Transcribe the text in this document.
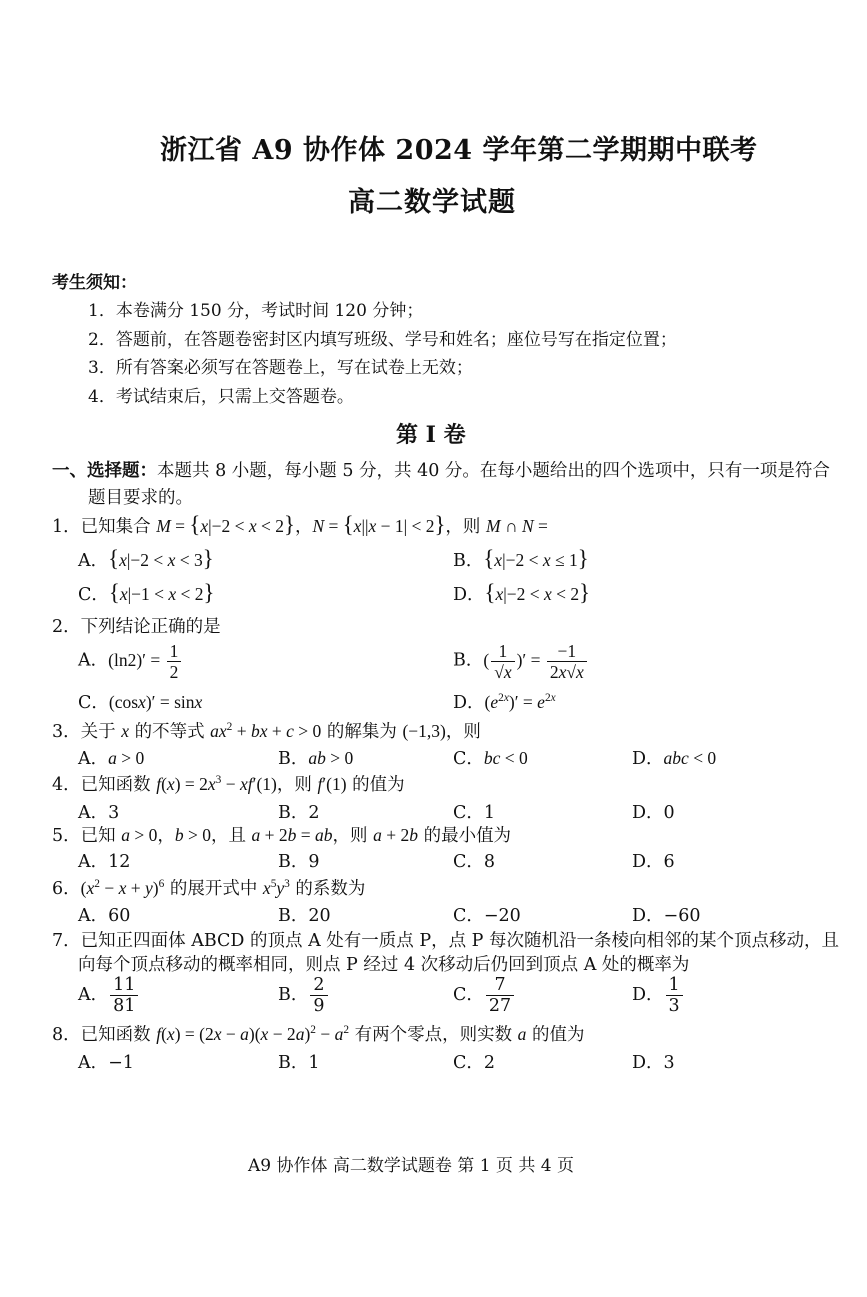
浙江省 A9 协作体 2024 学年第二学期期中联考
高二数学试题
考生须知：
1．本卷满分 150 分，考试时间 120 分钟；
2．答题前，在答题卷密封区内填写班级、学号和姓名；座位号写在指定位置；
3．所有答案必须写在答题卷上，写在试卷上无效；
4．考试结束后，只需上交答题卷。
第 I 卷
一、选择题：本题共 8 小题，每小题 5 分，共 40 分。在每小题给出的四个选项中，只有一项是符合
题目要求的。
1．已知集合 M = {x|−2 < x < 2}，N = {x||x − 1| < 2}，则 M ∩ N =
A．{x|−2 < x < 3}	B．{x|−2 < x ≤ 1}
C．{x|−1 < x < 2}	D．{x|−2 < x < 2}
2．下列结论正确的是
A．$(\ln 2)' = \frac{1}{2}$	B．( $\frac{1}{√x}$ )′ = $\frac{-1}{2x√x}$
C．(cosx)′ = sinx	D．$(e^{2x})' = e^{2x}$
3．关于 x 的不等式 $ax^2$ + bx + c > 0 的解集为 (−1,3)，则
A．a > 0	B．ab > 0	C．bc < 0	D．abc < 0
4．已知函数 $f(x) = 2x^3 - xf'(1)$，则 f′(1) 的值为
A．3	B．2	C．1	D．0
5．已知 a > 0，b > 0，且 a + 2b = ab，则 a + 2b 的最小值为
A．12	B．9	C．8	D．6
6．$(x^2 - x + y)^6$ 的展开式中 $x^5y^3$ 的系数为
A．60	B．20	C．−20	D．−60
7．已知正四面体 ABCD 的顶点 A 处有一质点 P，点 P 每次随机沿一条棱向相邻的某个顶点移动，且
向每个顶点移动的概率相同，则点 P 经过 4 次移动后仍回到顶点 A 处的概率为
A． $\frac{11}{81}$	B． $\frac{2}{9}$	C． $\frac{7}{27}$	D． $\frac{1}{3}$
8．已知函数 $f(x) = (2x - a)(x - 2a)^2 - a^2$ 有两个零点，则实数 a 的值为
A．−1	B．1	C．2	D．3
A9 协作体 高二数学试题卷 第 1 页 共 4 页
